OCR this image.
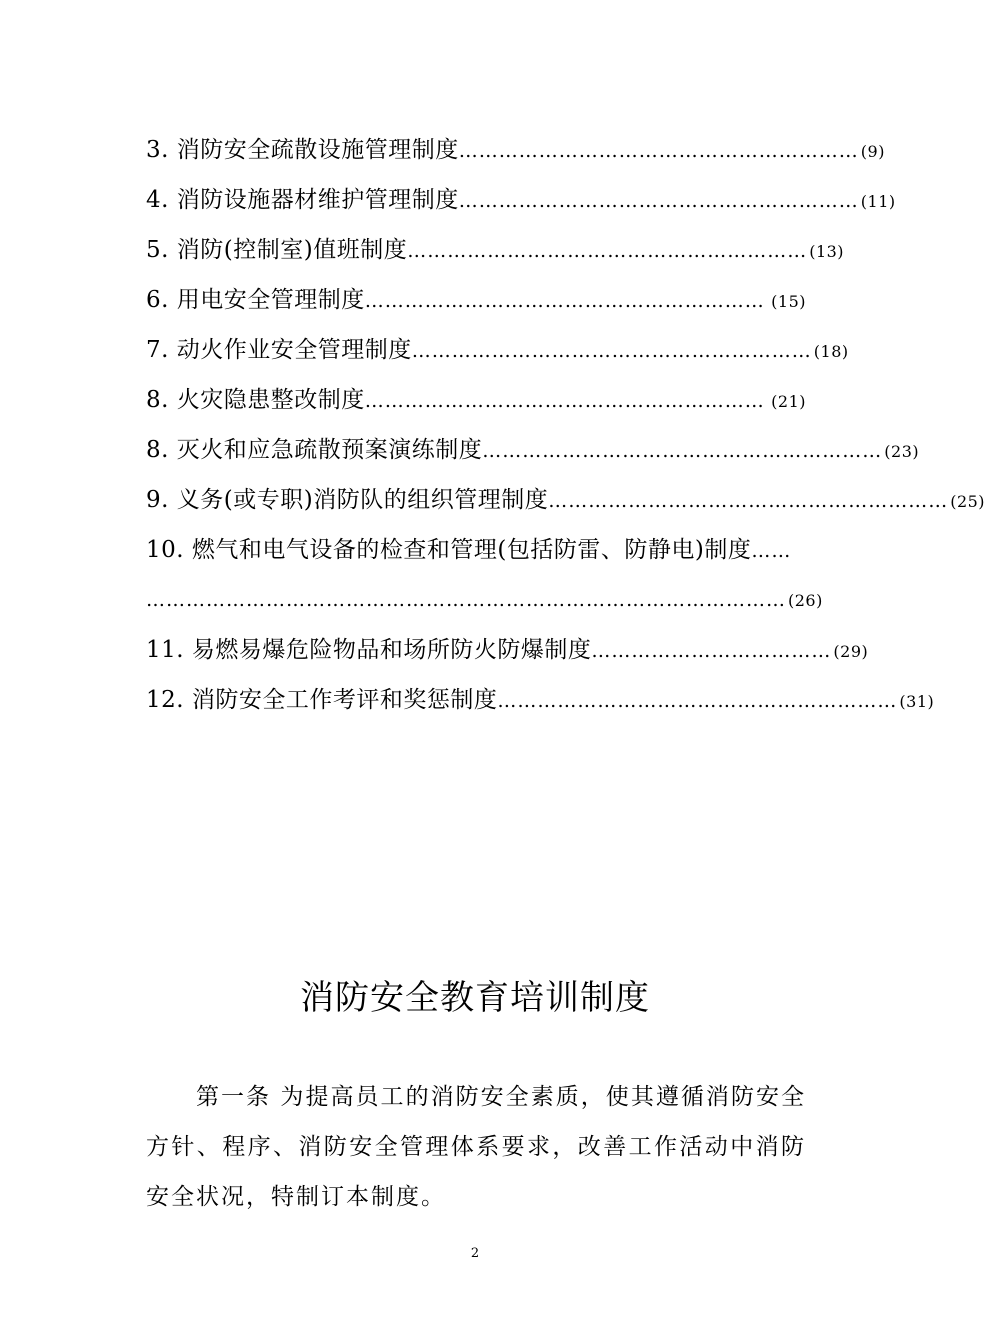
3. 消防安全疏散设施管理制度 …………………………………………………… (9)
4. 消防设施器材维护管理制度 …………………………………………………… (11)
5. 消防(控制室)值班制度 …………………………………………………… (13)
6. 用电安全管理制度 …………………………………………………… (15)
7. 动火作业安全管理制度 …………………………………………………… (18)
8. 火灾隐患整改制度 …………………………………………………… (21)
8. 灭火和应急疏散预案演练制度 …………………………………………………… (23)
9. 义务(或专职)消防队的组织管理制度 …………………………………………………… (25)
10. 燃气和电气设备的检查和管理(包括防雷、防静电)制度 ……
…………………………………………………………………………………… (26)
11. 易燃易爆危险物品和场所防火防爆制度 ……………………………… (29)
12. 消防安全工作考评和奖惩制度 …………………………………………………… (31)
消防安全教育培训制度
第一条 为提高员工的消防安全素质，使其遵循消防安全方针、程序、消防安全管理体系要求，改善工作活动中消防安全状况，特制订本制度。
2
